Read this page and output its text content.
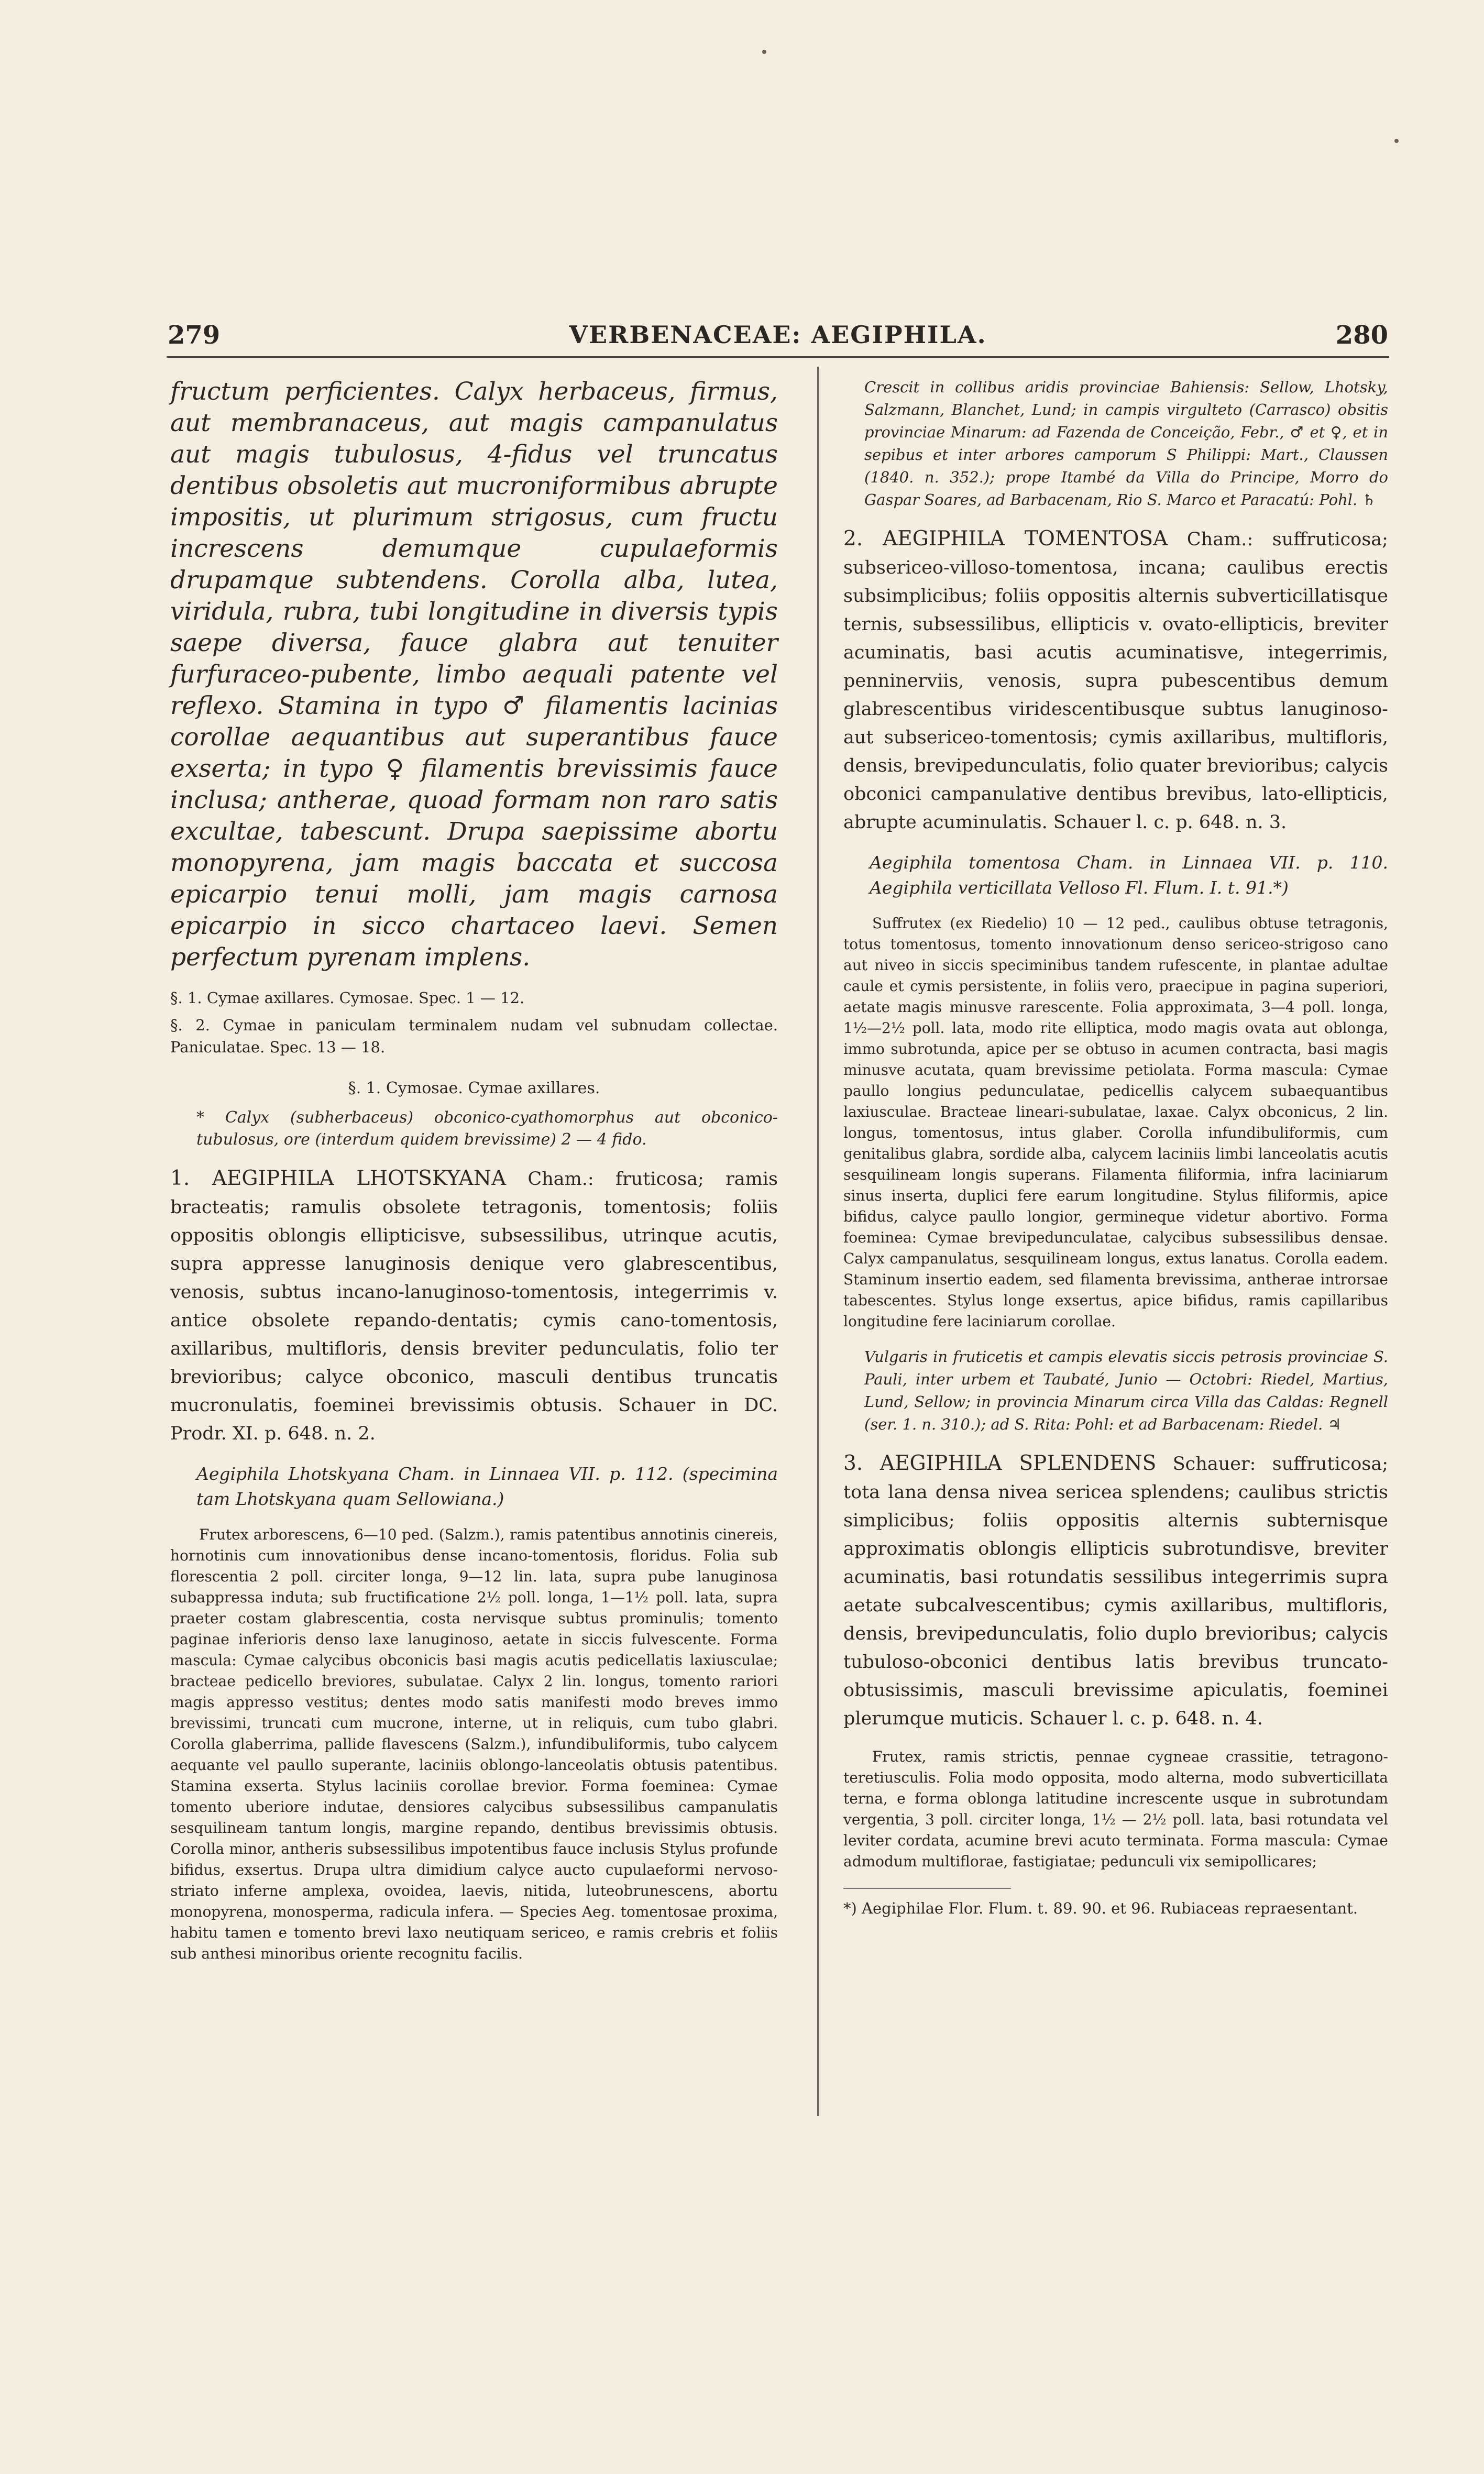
279	VERBENACEAE: AEGIPHILA.	280

fructum perficientes. Calyx herbaceus, firmus, aut membranaceus, aut magis campanulatus aut magis tubulosus, 4-fidus vel truncatus dentibus obsoletis aut mucroniformibus abrupte impositis, ut plurimum strigosus, cum fructu increscens demumque cupulaeformis drupamque subtendens. Corolla alba, lutea, viridula, rubra, tubi longitudine in diversis typis saepe diversa, fauce glabra aut tenuiter furfuraceo-pubente, limbo aequali patente vel reflexo. Stamina in typo ♂ filamentis lacinias corollae aequantibus aut superantibus fauce exserta; in typo ♀ filamentis brevissimis fauce inclusa; antherae, quoad formam non raro satis excultae, tabescunt. Drupa saepissime abortu monopyrena, jam magis baccata et succosa epicarpio tenui molli, jam magis carnosa epicarpio in sicco chartaceo laevi. Semen perfectum pyrenam implens.

§. 1. Cymae axillares. Cymosae. Spec. 1 — 12.

§. 2. Cymae in paniculam terminalem nudam vel subnudam collectae. Paniculatae. Spec. 13 — 18.

§. 1. Cymosae. Cymae axillares.

* Calyx (subherbaceus) obconico-cyathomorphus aut obconico-tubulosus, ore (interdum quidem brevissime) 2 — 4 fido.

1. AEGIPHILA LHOTSKYANA Cham.: fruticosa; ramis bracteatis; ramulis obsolete tetragonis, tomentosis; foliis oppositis oblongis ellipticisve, subsessilibus, utrinque acutis, supra appresse lanuginosis denique vero glabrescentibus, venosis, subtus incano-lanuginoso-tomentosis, integerrimis v. antice obsolete repando-dentatis; cymis cano-tomentosis, axillaribus, multifloris, densis breviter pedunculatis, folio ter brevioribus; calyce obconico, masculi dentibus truncatis mucronulatis, foeminei brevissimis obtusis. Schauer in DC. Prodr. XI. p. 648. n. 2.

Aegiphila Lhotskyana Cham. in Linnaea VII. p. 112. (specimina tam Lhotskyana quam Sellowiana.)

Frutex arborescens, 6—10 ped. (Salzm.), ramis patentibus annotinis cinereis, hornotinis cum innovationibus dense incano-tomentosis, floridus. Folia sub florescentia 2 poll. circiter longa, 9—12 lin. lata, supra pube lanuginosa subappressa induta; sub fructificatione 2½ poll. longa, 1—1½ poll. lata, supra praeter costam glabrescentia, costa nervisque subtus prominulis; tomento paginae inferioris denso laxe lanuginoso, aetate in siccis fulvescente. Forma mascula: Cymae calycibus obconicis basi magis acutis pedicellatis laxiusculae; bracteae pedicello breviores, subulatae. Calyx 2 lin. longus, tomento rariori magis appresso vestitus; dentes modo satis manifesti modo breves immo brevissimi, truncati cum mucrone, interne, ut in reliquis, cum tubo glabri. Corolla glaberrima, pallide flavescens (Salzm.), infundibuliformis, tubo calycem aequante vel paullo superante, laciniis oblongo-lanceolatis obtusis patentibus. Stamina exserta. Stylus laciniis corollae brevior. Forma foeminea: Cymae tomento uberiore indutae, densiores calycibus subsessilibus campanulatis sesquilineam tantum longis, margine repando, dentibus brevissimis obtusis. Corolla minor, antheris subsessilibus impotentibus fauce inclusis Stylus profunde bifidus, exsertus. Drupa ultra dimidium calyce aucto cupulaeformi nervoso-striato inferne amplexa, ovoidea, laevis, nitida, luteobrunescens, abortu monopyrena, monosperma, radicula infera. — Species Aeg. tomentosae proxima, habitu tamen e tomento brevi laxo neutiquam sericeo, e ramis crebris et foliis sub anthesi minoribus oriente recognitu facilis.

Crescit in collibus aridis provinciae Bahiensis: Sellow, Lhotsky, Salzmann, Blanchet, Lund; in campis virgulteto (Carrasco) obsitis provinciae Minarum: ad Fazenda de Conceição, Febr., ♂ et ♀, et in sepibus et inter arbores camporum S Philippi: Mart., Claussen (1840. n. 352.); prope Itambé da Villa do Principe, Morro do Gaspar Soares, ad Barbacenam, Rio S. Marco et Paracatú: Pohl. ♄

2. AEGIPHILA TOMENTOSA Cham.: suffruticosa; subsericeo-villoso-tomentosa, incana; caulibus erectis subsimplicibus; foliis oppositis alternis subverticillatisque ternis, subsessilibus, ellipticis v. ovato-ellipticis, breviter acuminatis, basi acutis acuminatisve, integerrimis, penninerviis, venosis, supra pubescentibus demum glabrescentibus viridescentibusque subtus lanuginoso- aut subsericeo-tomentosis; cymis axillaribus, multifloris, densis, brevipedunculatis, folio quater brevioribus; calycis obconici campanulative dentibus brevibus, lato-ellipticis, abrupte acuminulatis. Schauer l. c. p. 648. n. 3.

Aegiphila tomentosa Cham. in Linnaea VII. p. 110. Aegiphila verticillata Velloso Fl. Flum. I. t. 91.*)

Suffrutex (ex Riedelio) 10 — 12 ped., caulibus obtuse tetragonis, totus tomentosus, tomento innovationum denso sericeo-strigoso cano aut niveo in siccis speciminibus tandem rufescente, in plantae adultae caule et cymis persistente, in foliis vero, praecipue in pagina superiori, aetate magis minusve rarescente. Folia approximata, 3—4 poll. longa, 1½—2½ poll. lata, modo rite elliptica, modo magis ovata aut oblonga, immo subrotunda, apice per se obtuso in acumen contracta, basi magis minusve acutata, quam brevissime petiolata. Forma mascula: Cymae paullo longius pedunculatae, pedicellis calycem subaequantibus laxiusculae. Bracteae lineari-subulatae, laxae. Calyx obconicus, 2 lin. longus, tomentosus, intus glaber. Corolla infundibuliformis, cum genitalibus glabra, sordide alba, calycem laciniis limbi lanceolatis acutis sesquilineam longis superans. Filamenta filiformia, infra laciniarum sinus inserta, duplici fere earum longitudine. Stylus filiformis, apice bifidus, calyce paullo longior, germineque videtur abortivo. Forma foeminea: Cymae brevipedunculatae, calycibus subsessilibus densae. Calyx campanulatus, sesquilineam longus, extus lanatus. Corolla eadem. Staminum insertio eadem, sed filamenta brevissima, antherae introrsae tabescentes. Stylus longe exsertus, apice bifidus, ramis capillaribus longitudine fere laciniarum corollae.

Vulgaris in fruticetis et campis elevatis siccis petrosis provinciae S. Pauli, inter urbem et Taubaté, Junio — Octobri: Riedel, Martius, Lund, Sellow; in provincia Minarum circa Villa das Caldas: Regnell (ser. 1. n. 310.); ad S. Rita: Pohl: et ad Barbacenam: Riedel. ♃

3. AEGIPHILA SPLENDENS Schauer: suffruticosa; tota lana densa nivea sericea splendens; caulibus strictis simplicibus; foliis oppositis alternis subternisque approximatis oblongis ellipticis subrotundisve, breviter acuminatis, basi rotundatis sessilibus integerrimis supra aetate subcalvescentibus; cymis axillaribus, multifloris, densis, brevipedunculatis, folio duplo brevioribus; calycis tubuloso-obconici dentibus latis brevibus truncato-obtusissimis, masculi brevissime apiculatis, foeminei plerumque muticis. Schauer l. c. p. 648. n. 4.

Frutex, ramis strictis, pennae cygneae crassitie, tetragono-teretiusculis. Folia modo opposita, modo alterna, modo subverticillata terna, e forma oblonga latitudine increscente usque in subrotundam vergentia, 3 poll. circiter longa, 1½ — 2½ poll. lata, basi rotundata vel leviter cordata, acumine brevi acuto terminata. Forma mascula: Cymae admodum multiflorae, fastigiatae; pedunculi vix semipollicares;

*) Aegiphilae Flor. Flum. t. 89. 90. et 96. Rubiaceas repraesentant.
